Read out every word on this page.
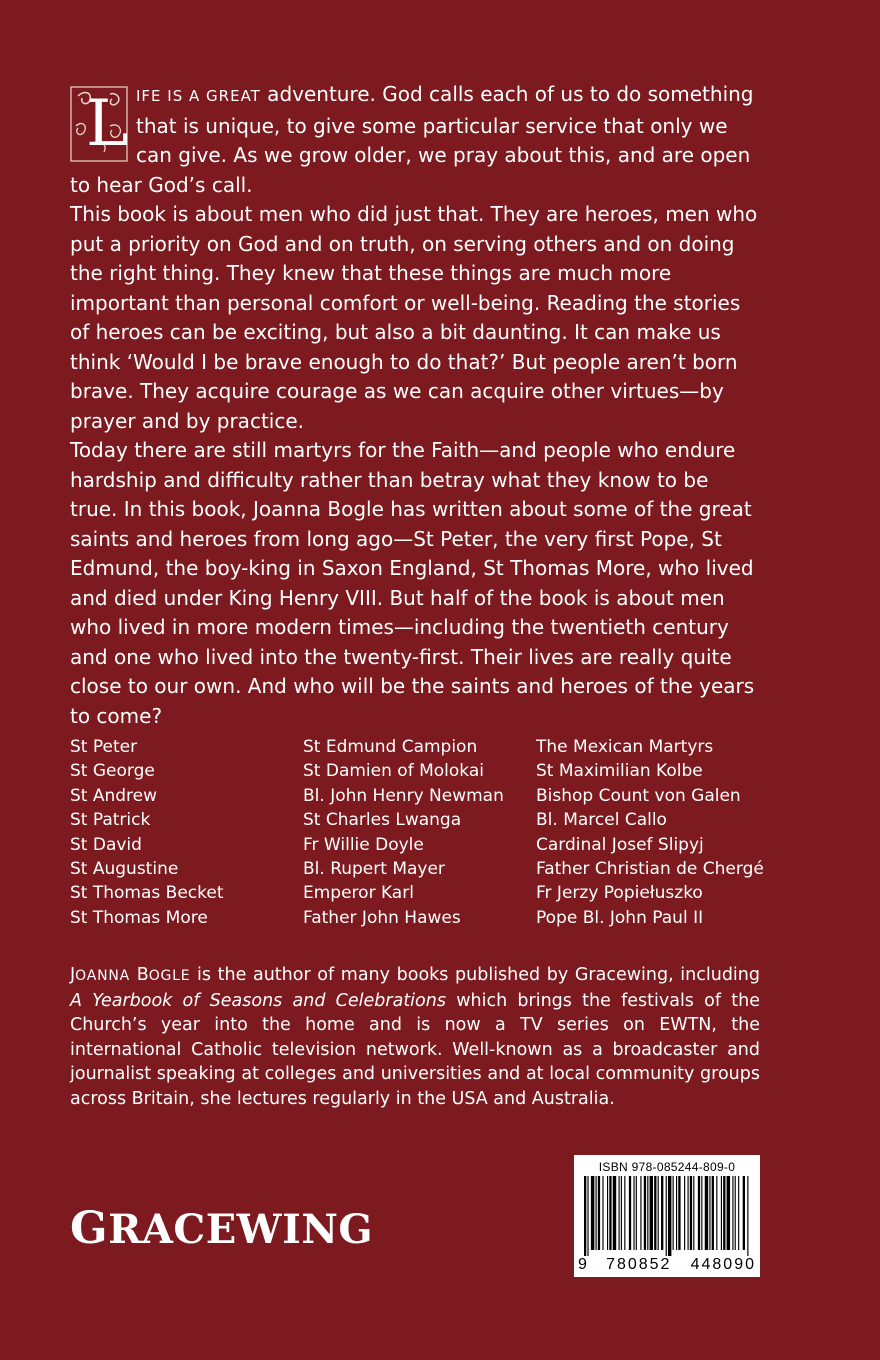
L IFE IS A GREAT adventure. God calls each of us to do something that is unique, to give some particular service that only we can give. As we grow older, we pray about this, and are open to hear God’s call.

This book is about men who did just that. They are heroes, men who put a priority on God and on truth, on serving others and on doing the right thing. They knew that these things are much more important than personal comfort or well-being. Reading the stories of heroes can be exciting, but also a bit daunting. It can make us think ‘Would I be brave enough to do that?’ But people aren’t born brave. They acquire courage as we can acquire other virtues—by prayer and by practice.

Today there are still martyrs for the Faith—and people who endure hardship and difficulty rather than betray what they know to be true. In this book, Joanna Bogle has written about some of the great saints and heroes from long ago—St Peter, the very first Pope, St Edmund, the boy-king in Saxon England, St Thomas More, who lived and died under King Henry VIII. But half of the book is about men who lived in more modern times—including the twentieth century and one who lived into the twenty-first. Their lives are really quite close to our own. And who will be the saints and heroes of the years to come?

St Peter
St George
St Andrew
St Patrick
St David
St Augustine
St Thomas Becket
St Thomas More
St Edmund Campion
St Damien of Molokai
Bl. John Henry Newman
St Charles Lwanga
Fr Willie Doyle
Bl. Rupert Mayer
Emperor Karl
Father John Hawes
The Mexican Martyrs
St Maximilian Kolbe
Bishop Count von Galen
Bl. Marcel Callo
Cardinal Josef Slipyj
Father Christian de Chergé
Fr Jerzy Popiełuszko
Pope Bl. John Paul II
JOANNA BOGLE is the author of many books published by Gracewing, including A Yearbook of Seasons and Celebrations which brings the festivals of the Church’s year into the home and is now a TV series on EWTN, the international Catholic television network. Well-known as a broadcaster and journalist speaking at colleges and universities and at local community groups across Britain, she lectures regularly in the USA and Australia.
GRACEWING
ISBN 978-085244-809-0
9 780852 448090
